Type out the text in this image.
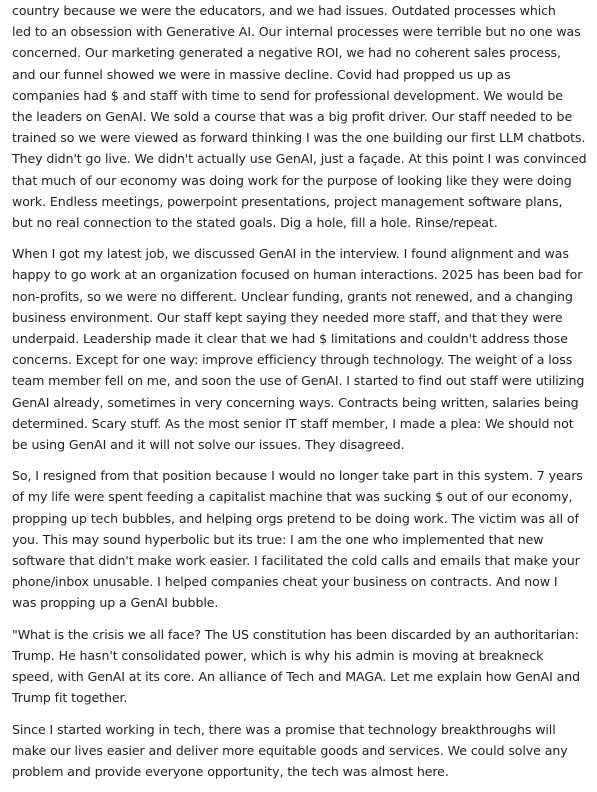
country because we were the educators, and we had issues. Outdated processes which
led to an obsession with Generative AI. Our internal processes were terrible but no one was
concerned. Our marketing generated a negative ROI, we had no coherent sales process,
and our funnel showed we were in massive decline. Covid had propped us up as
companies had $ and staff with time to send for professional development. We would be
the leaders on GenAI. We sold a course that was a big profit driver. Our staff needed to be
trained so we were viewed as forward thinking I was the one building our first LLM chatbots.
They didn't go live. We didn't actually use GenAI, just a façade. At this point I was convinced
that much of our economy was doing work for the purpose of looking like they were doing
work. Endless meetings, powerpoint presentations, project management software plans,
but no real connection to the stated goals. Dig a hole, fill a hole. Rinse/repeat.

When I got my latest job, we discussed GenAI in the interview. I found alignment and was
happy to go work at an organization focused on human interactions. 2025 has been bad for
non-profits, so we were no different. Unclear funding, grants not renewed, and a changing
business environment. Our staff kept saying they needed more staff, and that they were
underpaid. Leadership made it clear that we had $ limitations and couldn't address those
concerns. Except for one way: improve efficiency through technology. The weight of a loss
team member fell on me, and soon the use of GenAI. I started to find out staff were utilizing
GenAI already, sometimes in very concerning ways. Contracts being written, salaries being
determined. Scary stuff. As the most senior IT staff member, I made a plea: We should not
be using GenAI and it will not solve our issues. They disagreed.

So, I resigned from that position because I would no longer take part in this system. 7 years
of my life were spent feeding a capitalist machine that was sucking $ out of our economy,
propping up tech bubbles, and helping orgs pretend to be doing work. The victim was all of
you. This may sound hyperbolic but its true: I am the one who implemented that new
software that didn't make work easier. I facilitated the cold calls and emails that make your
phone/inbox unusable. I helped companies cheat your business on contracts. And now I
was propping up a GenAI bubble.

"What is the crisis we all face? The US constitution has been discarded by an authoritarian:
Trump. He hasn't consolidated power, which is why his admin is moving at breakneck
speed, with GenAI at its core. An alliance of Tech and MAGA. Let me explain how GenAI and
Trump fit together.

Since I started working in tech, there was a promise that technology breakthroughs will
make our lives easier and deliver more equitable goods and services. We could solve any
problem and provide everyone opportunity, the tech was almost here.
